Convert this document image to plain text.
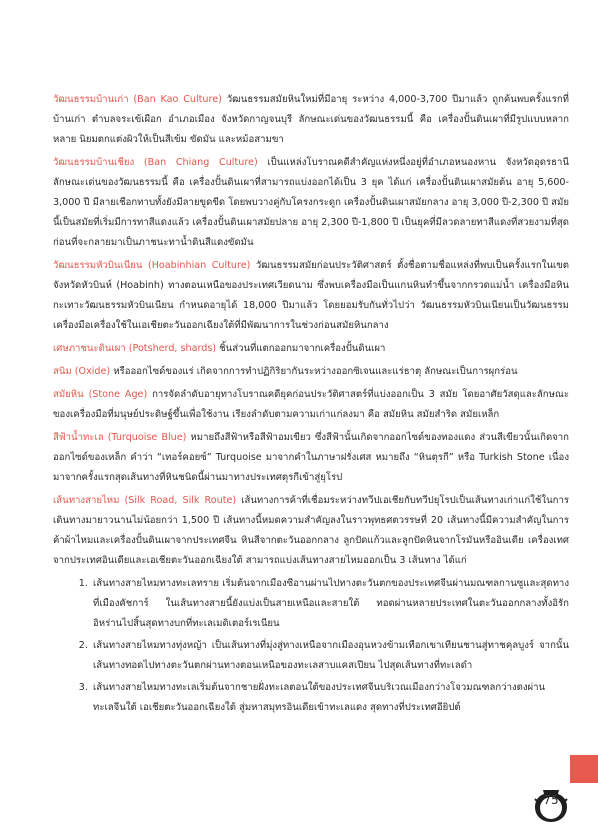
วัฒนธรรมบ้านเก่า (Ban Kao Culture) วัฒนธรรมสมัยหินใหม่ที่มีอายุ ระหว่าง 4,000-3,700 ปีมาแล้ว ถูกค้นพบครั้งแรกที่บ้านเก่า ตำบลจระเข้เผือก อำเภอเมือง จังหวัดกาญจนบุรี ลักษณะเด่นของวัฒนธรรมนี้ คือ เครื่องปั้นดินเผาที่มีรูปแบบหลากหลาย นิยมตกแต่งผิวให้เป็นสีเข้ม ขัดมัน และหม้อสามขา

วัฒนธรรมบ้านเชียง (Ban Chiang Culture) เป็นแหล่งโบราณคดีสำคัญแห่งหนึ่งอยู่ที่อำเภอหนองหาน จังหวัดอุดรธานี ลักษณะเด่นของวัฒนธรรมนี้ คือ เครื่องปั้นดินเผาที่สามารถแบ่งออกได้เป็น 3 ยุค ได้แก่ เครื่องปั้นดินเผาสมัยต้น อายุ 5,600-3,000 ปี มีลายเชือกทาบทั้งยังมีลายขูดขีด โดยพบวางคู่กับโครงกระดูก เครื่องปั้นดินเผาสมัยกลาง อายุ 3,000 ปี-2,300 ปี สมัยนี้เป็นสมัยที่เริ่มมีการทาสีแดงแล้ว เครื่องปั้นดินเผาสมัยปลาย อายุ 2,300 ปี-1,800 ปี เป็นยุคที่มีลวดลายทาสีแดงที่สวยงามที่สุด ก่อนที่จะกลายมาเป็นภาชนะทาน้ำดินสีแดงขัดมัน

วัฒนธรรมหัวบินเนียน (Hoabinhian Culture) วัฒนธรรมสมัยก่อนประวัติศาสตร์ ตั้งชื่อตามชื่อแหล่งที่พบเป็นครั้งแรกในเขตจังหวัดหัวบินห์ (Hoabinh) ทางตอนเหนือของประเทศเวียดนาม ซึ่งพบเครื่องมือเป็นแกนหินทำขึ้นจากกรวดแม่น้ำ เครื่องมือหินกะเทาะวัฒนธรรมหัวบินเนียน กำหนดอายุได้ 18,000 ปีมาแล้ว โดยยอมรับกันทั่วไปว่า วัฒนธรรมหัวบินเนียนเป็นวัฒนธรรมเครื่องมือเครื่องใช้ในเอเชียตะวันออกเฉียงใต้ที่มีพัฒนาการในช่วงก่อนสมัยหินกลาง

เศษภาชนะดินเผา (Potsherd, shards) ชิ้นส่วนที่แตกออกมาจากเครื่องปั้นดินเผา

สนิม (Oxide) หรือออกไซด์ของแร่ เกิดจากการทำปฏิกิริยากันระหว่างออกซิเจนและแร่ธาตุ ลักษณะเป็นการผุกร่อน

สมัยหิน (Stone Age) การจัดลำดับอายุทางโบราณคดียุคก่อนประวัติศาสตร์ที่แบ่งออกเป็น 3 สมัย โดยอาศัยวัสดุและลักษณะของเครื่องมือที่มนุษย์ประดิษฐ์ขึ้นเพื่อใช้งาน เรียงลำดับตามความเก่าแก่ลงมา คือ สมัยหิน สมัยสำริด สมัยเหล็ก

สีฟ้าน้ำทะเล (Turquoise Blue) หมายถึงสีฟ้าหรือสีฟ้าอมเขียว ซึ่งสีฟ้านั้นเกิดจากออกไซด์ของทองแดง ส่วนสีเขียวนั้นเกิดจากออกไซด์ของเหล็ก คำว่า “เทอร์คอยซ์” Turquoise มาจากคำในภาษาฝรั่งเศส หมายถึง “หินตุรกี” หรือ Turkish Stone เนื่องมาจากครั้งแรกสุดเส้นทางที่หินชนิดนี้ผ่านมาทางประเทศตุรกีเข้าสู่ยุโรป

เส้นทางสายไหม (Silk Road, Silk Route) เส้นทางการค้าที่เชื่อมระหว่างทวีปเอเชียกับทวีปยุโรปเป็นเส้นทางเก่าแก่ใช้ในการเดินทางมายาวนานไม่น้อยกว่า 1,500 ปี เส้นทางนี้หมดความสำคัญลงในราวพุทธศตวรรษที่ 20 เส้นทางนี้มีความสำคัญในการค้าผ้าไหมและเครื่องปั้นดินเผาจากประเทศจีน หินสีจากตะวันออกกลาง ลูกปัดแก้วและลูกปัดหินจากโรมันหรืออินเดีย เครื่องเทศจากประเทศอินเดียและเอเชียตะวันออกเฉียงใต้ สามารถแบ่งเส้นทางสายไหมออกเป็น 3 เส้นทาง ได้แก่

1. เส้นทางสายไหมทางทะเลทราย เริ่มต้นจากเมืองซีอานผ่านไปทางตะวันตกของประเทศจีนผ่านมณฑลกานซูและสุดทางที่เมืองคัชการ์ ในเส้นทางสายนี้ยังแบ่งเป็นสายเหนือและสายใต้ ทอดผ่านหลายประเทศในตะวันออกกลางทั้งอิรัก อิหร่านไปสิ้นสุดทางบกที่ทะเลเมดิเตอร์เรเนียน
2. เส้นทางสายไหมทางทุ่งหญ้า เป็นเส้นทางที่มุ่งสู่ทางเหนือจากเมืองอุนหวงข้ามเทือกเขาเทียนชานสู่ทาชคุลบูงร์ จากนั้นเส้นทางทอดไปทางตะวันตกผ่านทางตอนเหนือของทะเลสาบแคสเปียน ไปสุดเส้นทางที่ทะเลดำ
3. เส้นทางสายไหมทางทะเลเริ่มต้นจากชายฝั่งทะเลตอนใต้ของประเทศจีนบริเวณเมืองกว่างโจวมณฑลกว่างตงผ่านทะเลจีนใต้ เอเชียตะวันออกเฉียงใต้ สู่มหาสมุทรอินเดียเข้าทะเลแดง สุดทางที่ประเทศอียิปต์
75
